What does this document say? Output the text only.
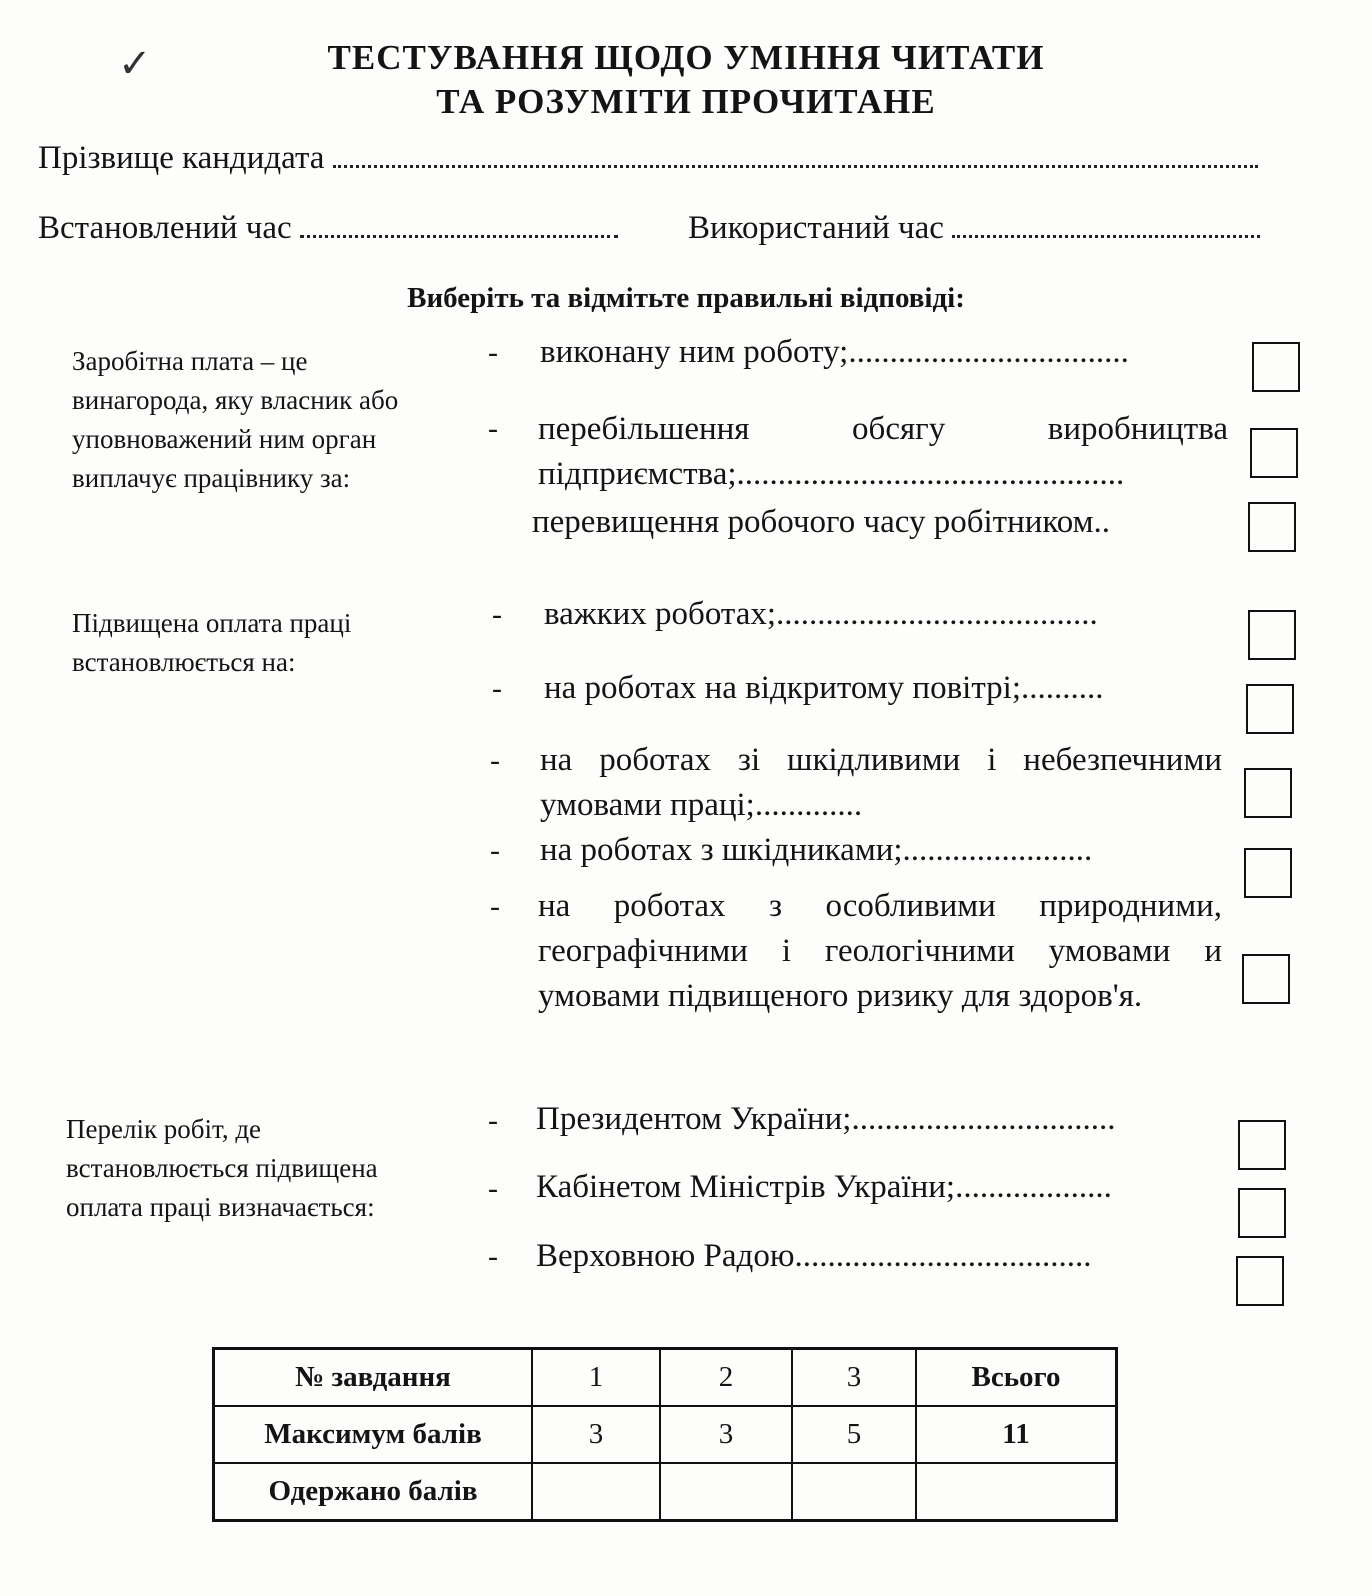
✓	ТЕСТУВАННЯ ЩОДО УМІННЯ ЧИТАТИ
ТА РОЗУМІТИ ПРОЧИТАНЕ
Прізвище кандидата
Встановлений час	Використаний час
Виберіть та відмітьте правильні відповіді:
Заробітна плата – це винагорода, яку власник або уповноважений ним орган виплачує працівнику за:
-	виконану ним роботу;..................................
-	перебільшення обсягу виробництва підприємства;...............................................
перевищення робочого часу робітником..
Підвищена оплата праці встановлюється на:
-	важких роботах;.......................................
-	на роботах на відкритому повітрі;..........
-	на роботах зі шкідливими і небезпечними умовами праці;.............
-	на роботах з шкідниками;.......................
-	на роботах з особливими природними, географічними і геологічними умовами и умовами підвищеного ризику для здоров'я.
Перелік робіт, де встановлюється підвищена оплата праці визначається:
-	Президентом України;................................
-	Кабінетом Міністрів України;...................
-	Верховною Радою....................................
№ завдання	1	2	3	Всього
Максимум балів	3	3	5	11
Одержано балів				
